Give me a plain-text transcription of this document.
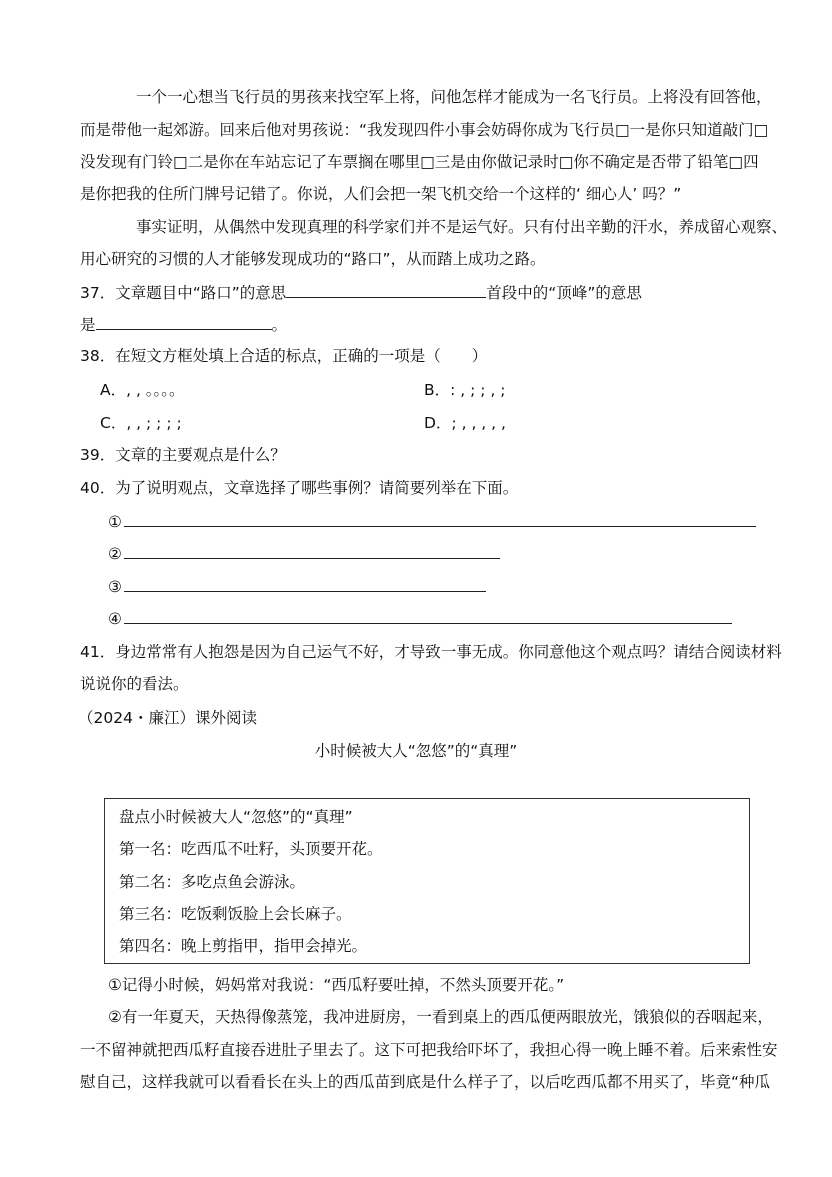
一个一心想当飞行员的男孩来找空军上将，问他怎样才能成为一名飞行员。上将没有回答他，
而是带他一起郊游。回来后他对男孩说：“我发现四件小事会妨碍你成为飞行员□一是你只知道敲门□
没发现有门铃□二是你在车站忘记了车票搁在哪里□三是由你做记录时□你不确定是否带了铅笔□四
是你把我的住所门牌号记错了。你说，人们会把一架飞机交给一个这样的‘ 细心人’ 吗？”
事实证明，从偶然中发现真理的科学家们并不是运气好。只有付出辛勤的汗水，养成留心观察、
用心研究的习惯的人才能够发现成功的“路口”，从而踏上成功之路。
37．文章题目中“路口”的意思	首段中的“顶峰”的意思
是	。
38．在短文方框处填上合适的标点，正确的一项是（　　）
A．, , 。。。。	B．: , ; ; , ;
C．, , ; ; ; ;	D．; , , , , ,
39．文章的主要观点是什么？
40．为了说明观点，文章选择了哪些事例？请简要列举在下面。
①
②
③
④
41．身边常常有人抱怨是因为自己运气不好，才导致一事无成。你同意他这个观点吗？请结合阅读材料
说说你的看法。
（2024・廉江）课外阅读
小时候被大人“忽悠”的“真理”
盘点小时候被大人“忽悠”的“真理”
第一名：吃西瓜不吐籽，头顶要开花。
第二名：多吃点鱼会游泳。
第三名：吃饭剩饭脸上会长麻子。
第四名：晚上剪指甲，指甲会掉光。
①记得小时候，妈妈常对我说：“西瓜籽要吐掉，不然头顶要开花。”
②有一年夏天，天热得像蒸笼，我冲进厨房，一看到桌上的西瓜便两眼放光，饿狼似的吞咽起来，
一不留神就把西瓜籽直接吞进肚子里去了。这下可把我给吓坏了，我担心得一晚上睡不着。后来索性安
慰自己，这样我就可以看看长在头上的西瓜苗到底是什么样子了，以后吃西瓜都不用买了，毕竟“种瓜
